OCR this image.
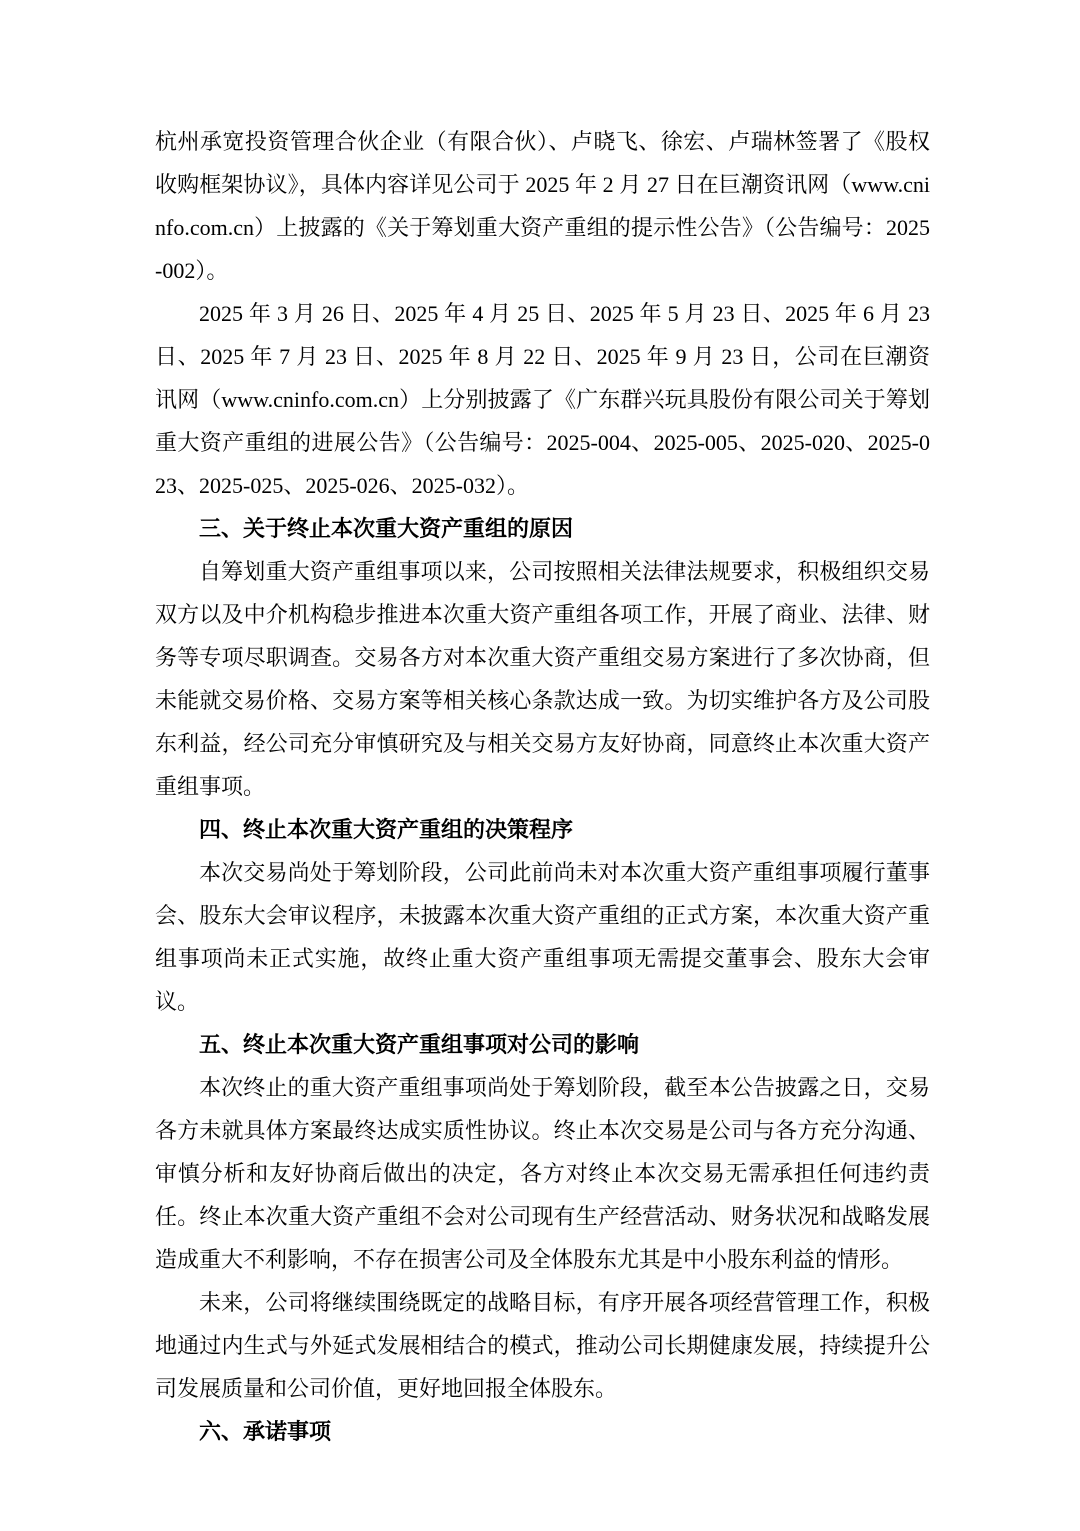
杭州承宽投资管理合伙企业（有限合伙）、卢晓飞、徐宏、卢瑞林签署了《股权收购框架协议》，具体内容详见公司于 2025 年 2 月 27 日在巨潮资讯网（www.cninfo.com.cn）上披露的《关于筹划重大资产重组的提示性公告》（公告编号：2025-002）。

2025 年 3 月 26 日、2025 年 4 月 25 日、2025 年 5 月 23 日、2025 年 6 月 23 日、2025 年 7 月 23 日、2025 年 8 月 22 日、2025 年 9 月 23 日，公司在巨潮资讯网（www.cninfo.com.cn）上分别披露了《广东群兴玩具股份有限公司关于筹划重大资产重组的进展公告》（公告编号：2025-004、2025-005、2025-020、2025-023、2025-025、2025-026、2025-032）。

三、关于终止本次重大资产重组的原因

自筹划重大资产重组事项以来，公司按照相关法律法规要求，积极组织交易双方以及中介机构稳步推进本次重大资产重组各项工作，开展了商业、法律、财务等专项尽职调查。交易各方对本次重大资产重组交易方案进行了多次协商，但未能就交易价格、交易方案等相关核心条款达成一致。为切实维护各方及公司股东利益，经公司充分审慎研究及与相关交易方友好协商，同意终止本次重大资产重组事项。

四、终止本次重大资产重组的决策程序

本次交易尚处于筹划阶段，公司此前尚未对本次重大资产重组事项履行董事会、股东大会审议程序，未披露本次重大资产重组的正式方案，本次重大资产重组事项尚未正式实施，故终止重大资产重组事项无需提交董事会、股东大会审议。

五、终止本次重大资产重组事项对公司的影响

本次终止的重大资产重组事项尚处于筹划阶段，截至本公告披露之日，交易各方未就具体方案最终达成实质性协议。终止本次交易是公司与各方充分沟通、审慎分析和友好协商后做出的决定，各方对终止本次交易无需承担任何违约责任。终止本次重大资产重组不会对公司现有生产经营活动、财务状况和战略发展造成重大不利影响，不存在损害公司及全体股东尤其是中小股东利益的情形。

未来，公司将继续围绕既定的战略目标，有序开展各项经营管理工作，积极地通过内生式与外延式发展相结合的模式，推动公司长期健康发展，持续提升公司发展质量和公司价值，更好地回报全体股东。

六、承诺事项
